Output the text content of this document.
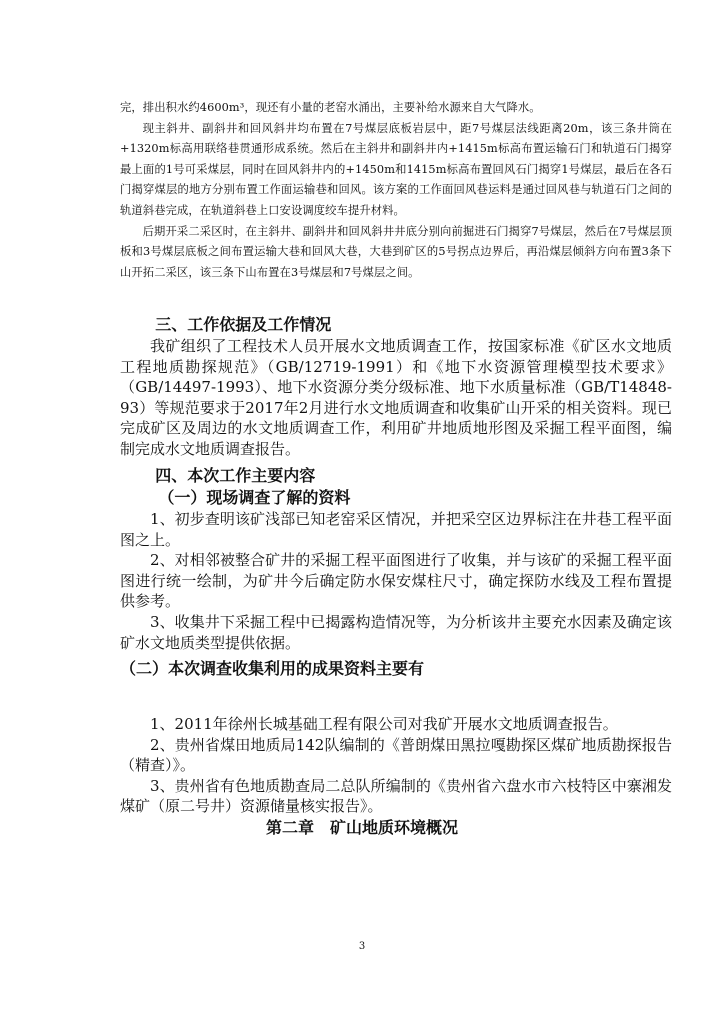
完，排出积水约4600m³，现还有小量的老窑水涌出，主要补给水源来自大气降水。

现主斜井、副斜井和回风斜井均布置在7号煤层底板岩层中，距7号煤层法线距离20m，该三条井筒在+1320m标高用联络巷贯通形成系统。然后在主斜井和副斜井内+1415m标高布置运输石门和轨道石门揭穿最上面的1号可采煤层，同时在回风斜井内的+1450m和1415m标高布置回风石门揭穿1号煤层，最后在各石门揭穿煤层的地方分别布置工作面运输巷和回风。该方案的工作面回风巷运料是通过回风巷与轨道石门之间的轨道斜巷完成，在轨道斜巷上口安设调度绞车提升材料。

后期开采二采区时，在主斜井、副斜井和回风斜井井底分别向前掘进石门揭穿7号煤层，然后在7号煤层顶板和3号煤层底板之间布置运输大巷和回风大巷，大巷到矿区的5号拐点边界后，再沿煤层倾斜方向布置3条下山开拓二采区，该三条下山布置在3号煤层和7号煤层之间。

三、工作依据及工作情况

我矿组织了工程技术人员开展水文地质调查工作，按国家标准《矿区水文地质工程地质勘探规范》（GB/12719-1991）和《地下水资源管理模型技术要求》（GB/14497-1993）、地下水资源分类分级标准、地下水质量标准（GB/T14848-93）等规范要求于2017年2月进行水文地质调查和收集矿山开采的相关资料。现已完成矿区及周边的水文地质调查工作，利用矿井地质地形图及采掘工程平面图，编制完成水文地质调查报告。

四、本次工作主要内容
（一）现场调查了解的资料

1、初步查明该矿浅部已知老窑采区情况，并把采空区边界标注在井巷工程平面图之上。

2、对相邻被整合矿井的采掘工程平面图进行了收集，并与该矿的采掘工程平面图进行统一绘制，为矿井今后确定防水保安煤柱尺寸，确定探防水线及工程布置提供参考。

3、收集井下采掘工程中已揭露构造情况等，为分析该井主要充水因素及确定该矿水文地质类型提供依据。

（二）本次调查收集利用的成果资料主要有

1、2011年徐州长城基础工程有限公司对我矿开展水文地质调查报告。

2、贵州省煤田地质局142队编制的《普朗煤田黑拉嘎勘探区煤矿地质勘探报告（精查）》。

3、贵州省有色地质勘查局二总队所编制的《贵州省六盘水市六枝特区中寨湘发煤矿（原二号井）资源储量核实报告》。

第二章　矿山地质环境概况
3
